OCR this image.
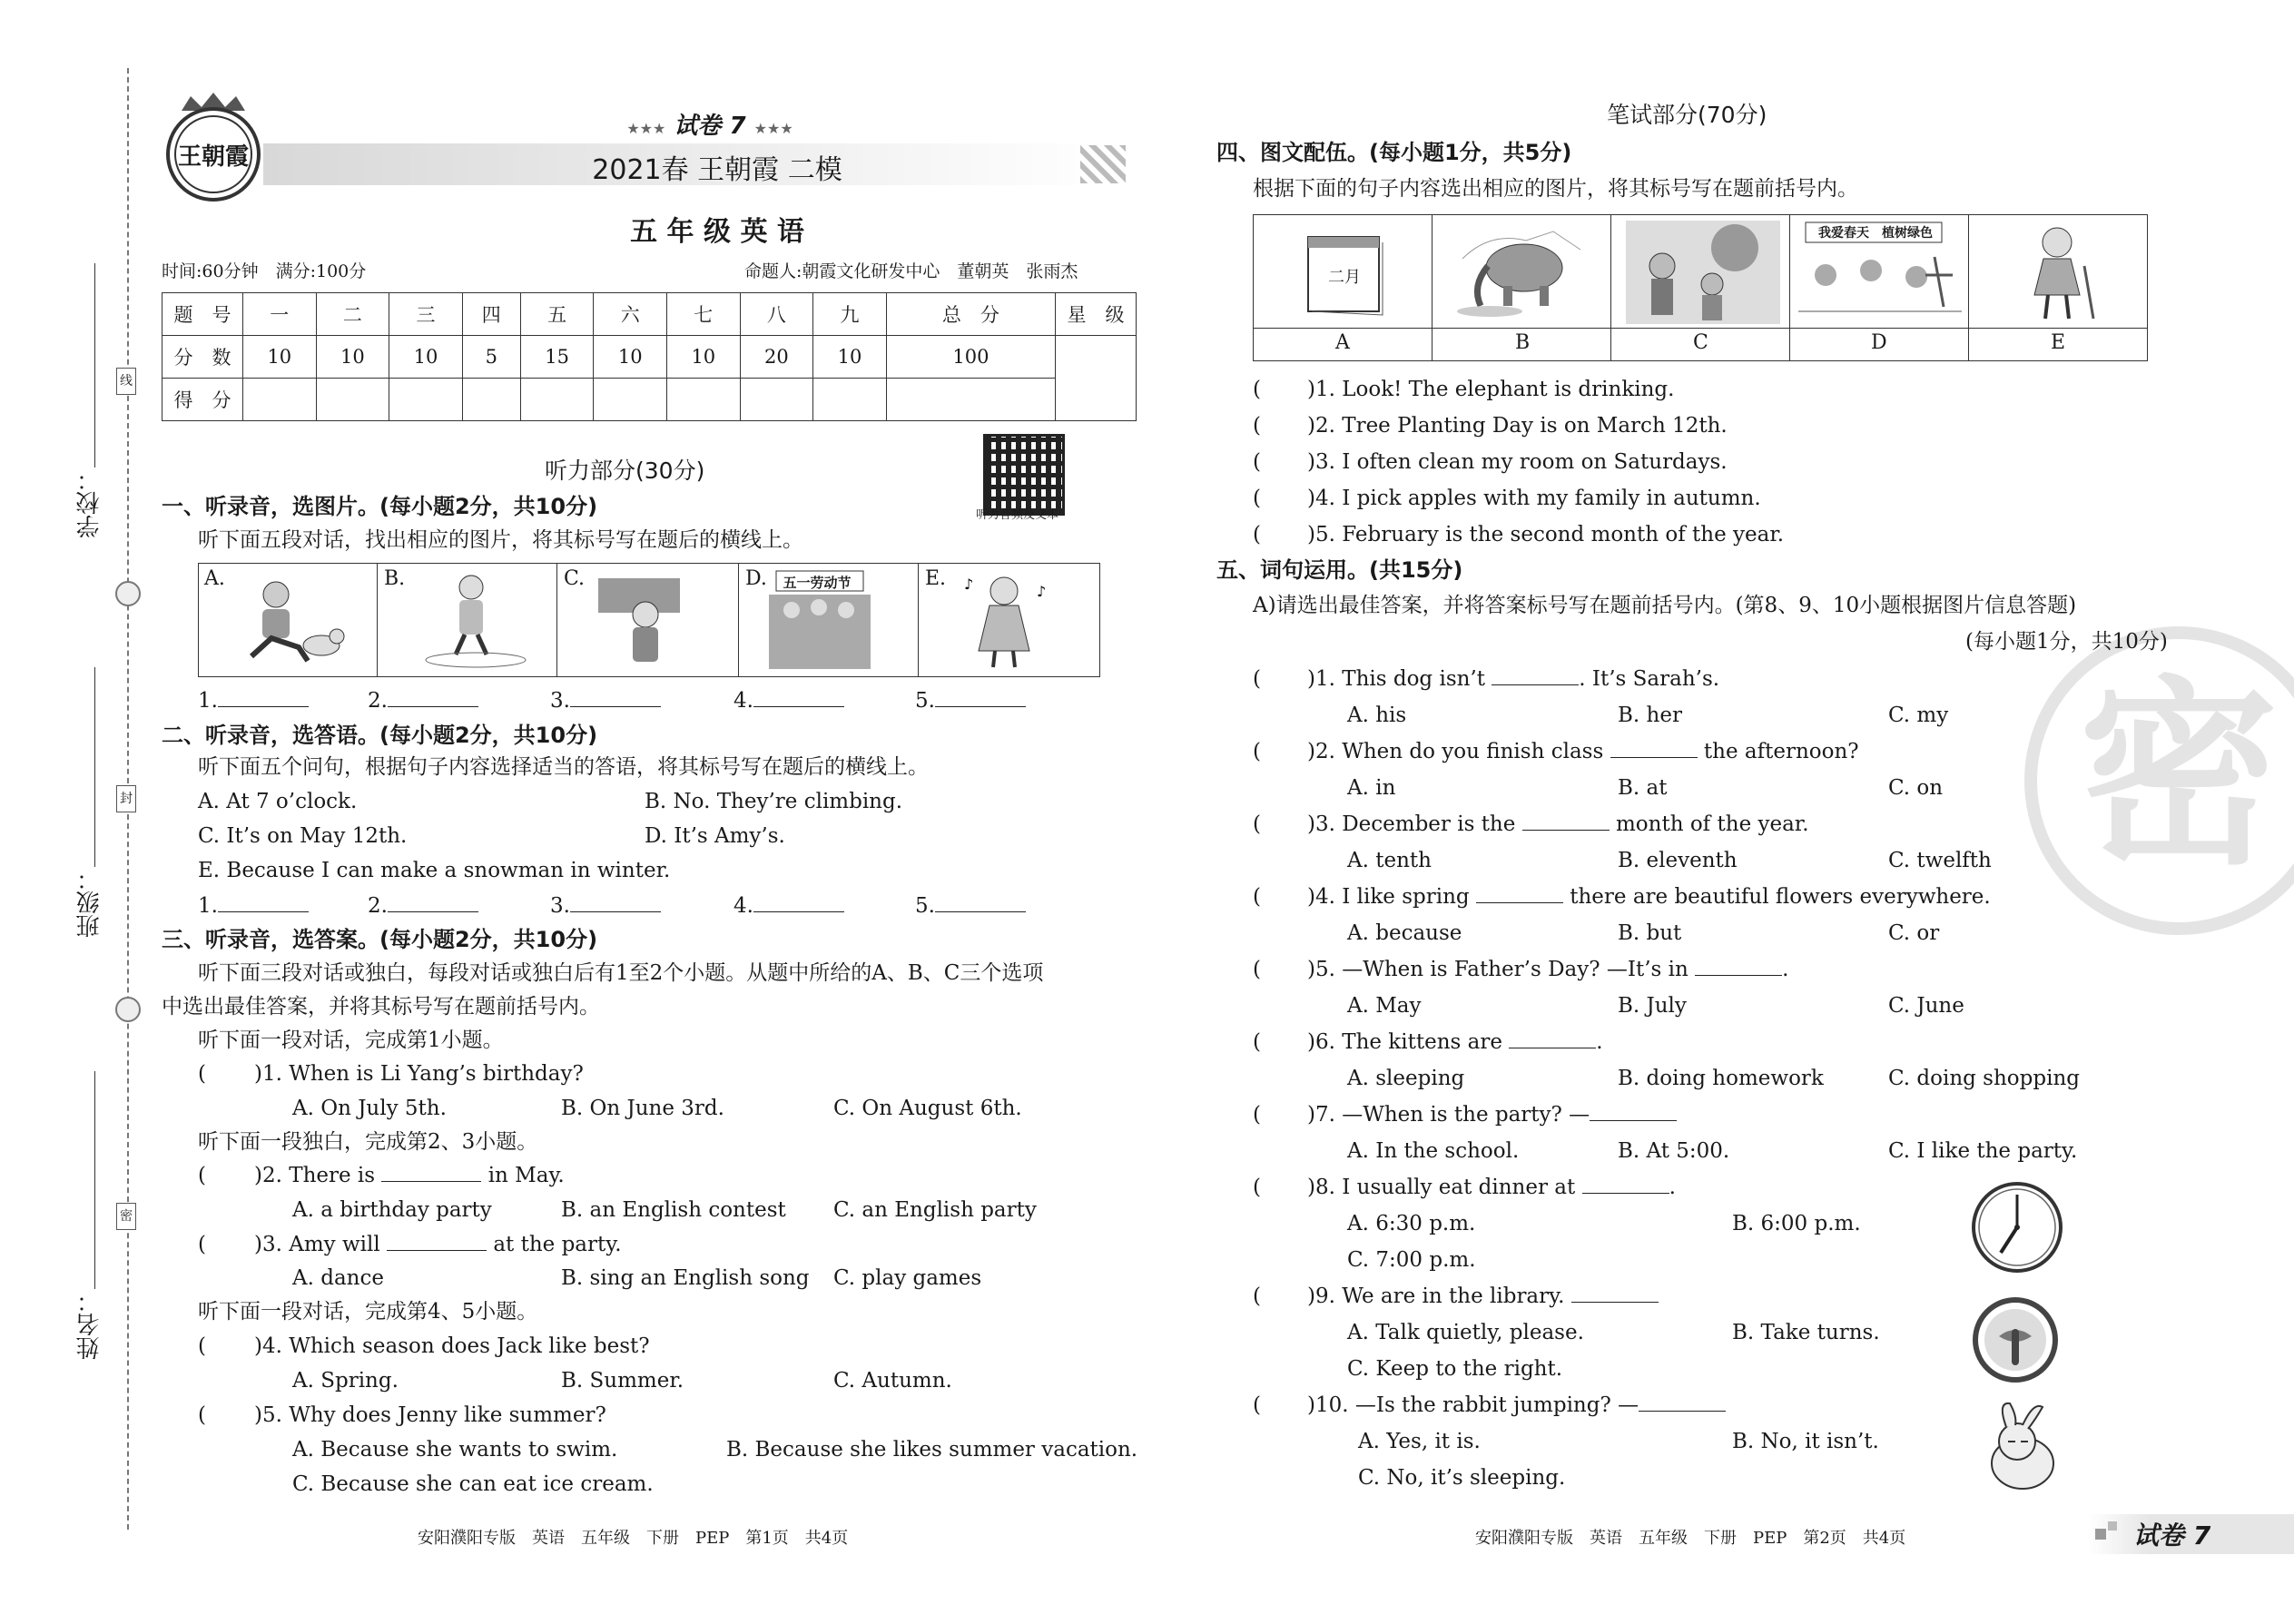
学校：
班级：
姓名：
线
封
密
王朝霞
★★★ 试卷 7 ★★★
2021春 王朝霞 二模
五 年 级 英 语
时间:60分钟　满分:100分	命题人:朝霞文化研发中心　董朝英　张雨杰
题　号	一	二	三	四	五	六	七	八	九	总　分	星　级
分　数	10	10	10	5	15	10	10	20	10	100	
得　分											
听力音频及文本
听力部分(30分)
一、听录音，选图片。(每小题2分，共10分)
听下面五段对话，找出相应的图片，将其标号写在题后的横线上。
A.	B.	C.	D.	E.
五一劳动节	♪	♪
1.	2.	3.	4.	5.
二、听录音，选答语。(每小题2分，共10分)
听下面五个问句，根据句子内容选择适当的答语，将其标号写在题后的横线上。
A. At 7 o’clock.	B. No. They’re climbing.
C. It’s on May 12th.	D. It’s Amy’s.
E. Because I can make a snowman in winter.
1.	2.	3.	4.	5.
三、听录音，选答案。(每小题2分，共10分)
听下面三段对话或独白，每段对话或独白后有1至2个小题。从题中所给的A、B、C三个选项
中选出最佳答案，并将其标号写在题前括号内。
听下面一段对话，完成第1小题。
( )1. When is Li Yang’s birthday?
A. On July 5th.	B. On June 3rd.	C. On August 6th.
听下面一段独白，完成第2、3小题。
( )2. There is	in May.
A. a birthday party	B. an English contest C. an English party
( )3. Amy will	at the party.
A. dance	B. sing an English song C. play games
听下面一段对话，完成第4、5小题。
( )4. Which season does Jack like best?
A. Spring.	B. Summer.	C. Autumn.
( )5. Why does Jenny like summer?
A. Because she wants to swim.	B. Because she likes summer vacation.
C. Because she can eat ice cream.
安阳濮阳专版　英语　五年级　下册　PEP　第1页　共4页
密
笔试部分(70分)
四、图文配伍。(每小题1分，共5分)
根据下面的句子内容选出相应的图片，将其标号写在题前括号内。
二月
我爱春天　植树绿色
A	B	C	D	E
( )1. Look! The elephant is drinking.
( )2. Tree Planting Day is on March 12th.
( )3. I often clean my room on Saturdays.
( )4. I pick apples with my family in autumn.
( )5. February is the second month of the year.
五、词句运用。(共15分)
A)请选出最佳答案，并将答案标号写在题前括号内。(第8、9、10小题根据图片信息答题)
(每小题1分，共10分)
( )1. This dog isn’t	. It’s Sarah’s.
A. his	B. her	C. my
( )2. When do you finish class	the afternoon?
A. in	B. at	C. on
( )3. December is the	month of the year.
A. tenth	B. eleventh	C. twelfth
( )4. I like spring	there are beautiful flowers everywhere.
A. because	B. but	C. or
( )5. —When is Father’s Day? —It’s in	.
A. May	B. July	C. June
( )6. The kittens are	.
A. sleeping	B. doing homework	C. doing shopping
( )7. —When is the party? —
A. In the school.	B. At 5:00.	C. I like the party.
( )8. I usually eat dinner at	.
A. 6:30 p.m.	B. 6:00 p.m.
C. 7:00 p.m.
( )9. We are in the library.
A. Talk quietly, please.	B. Take turns.
C. Keep to the right.
( )10. —Is the rabbit jumping? —
A. Yes, it is.	B. No, it isn’t.
C. No, it’s sleeping.
安阳濮阳专版　英语　五年级　下册　PEP　第2页　共4页	试卷 7
